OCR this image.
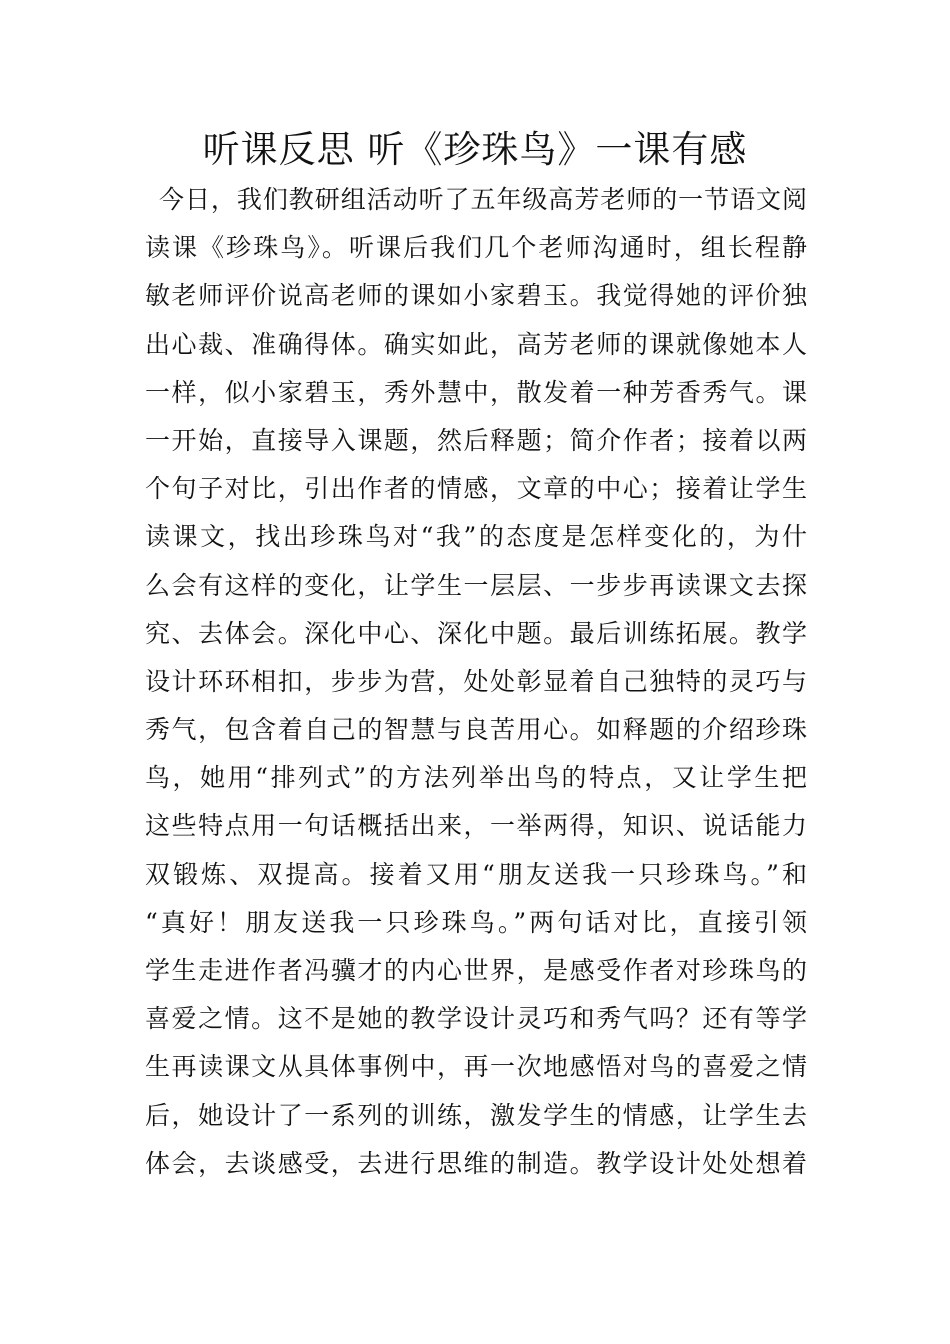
听课反思 听《珍珠鸟》一课有感
今日，我们教研组活动听了五年级高芳老师的一节语文阅
读课《珍珠鸟》。听课后我们几个老师沟通时，组长程静
敏老师评价说高老师的课如小家碧玉。我觉得她的评价独
出心裁、准确得体。确实如此，高芳老师的课就像她本人
一样，似小家碧玉，秀外慧中，散发着一种芳香秀气。课
一开始，直接导入课题，然后释题；简介作者；接着以两
个句子对比，引出作者的情感，文章的中心；接着让学生
读课文，找出珍珠鸟对“我”的态度是怎样变化的，为什
么会有这样的变化，让学生一层层、一步步再读课文去探
究、去体会。深化中心、深化中题。最后训练拓展。教学
设计环环相扣，步步为营，处处彰显着自己独特的灵巧与
秀气，包含着自己的智慧与良苦用心。如释题的介绍珍珠
鸟，她用“排列式”的方法列举出鸟的特点，又让学生把
这些特点用一句话概括出来，一举两得，知识、说话能力
双锻炼、双提高。接着又用“朋友送我一只珍珠鸟。”和
“真好！朋友送我一只珍珠鸟。”两句话对比，直接引领
学生走进作者冯骥才的内心世界，是感受作者对珍珠鸟的
喜爱之情。这不是她的教学设计灵巧和秀气吗？还有等学
生再读课文从具体事例中，再一次地感悟对鸟的喜爱之情
后，她设计了一系列的训练，激发学生的情感，让学生去
体会，去谈感受，去进行思维的制造。教学设计处处想着
